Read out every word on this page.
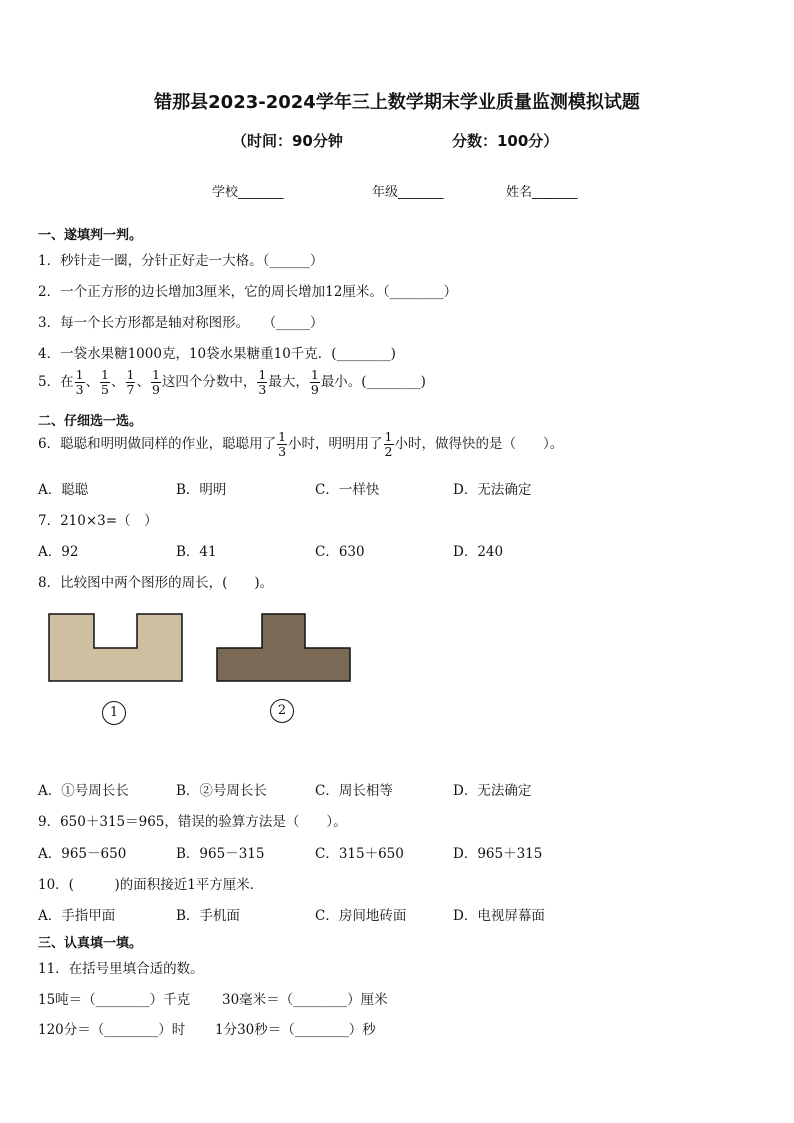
错那县2023-2024学年三上数学期末学业质量监测模拟试题
（时间：90分钟	分数：100分）
学校_______	年级_______	姓名_______
一、遂填判一判。
1．秒针走一圈，分针正好走一大格。（______）
2．一个正方形的边长增加3厘米，它的周长增加12厘米。（________）
3．每一个长方形都是轴对称图形。　　（_____）
4．一袋水果糖1000克，10袋水果糖重10千克．(________)
5．在 $\frac{1}{3}$ 、 $\frac{1}{5}$ 、 $\frac{1}{7}$ 、 $\frac{1}{9}$ 这四个分数中， $\frac{1}{3}$ 最大， $\frac{1}{9}$ 最小。(________)
二、仔细选一选。
6．聪聪和明明做同样的作业，聪聪用了 $\frac{1}{3}$ 小时，明明用了 $\frac{1}{2}$ 小时，做得快的是（　　）。
A．聪聪	B．明明	C．一样快	D．无法确定
7．210×3=（　）
A．92	B．41	C．630	D．240
8．比较图中两个图形的周长，(　　)。
1	2
A．①号周长长	B．②号周长长	C．周长相等	D．无法确定
9．650＋315＝965，错误的验算方法是（　　）。
A．965－650	B．965－315	C．315＋650	D．965＋315
10．(　　　)的面积接近1平方厘米．
A．手指甲面	B．手机面	C．房间地砖面	D．电视屏幕面
三、认真填一填。
11．在括号里填合适的数。
15吨＝（________）千克 30毫米＝（________）厘米
120分＝（________）时 1分30秒＝（________）秒
